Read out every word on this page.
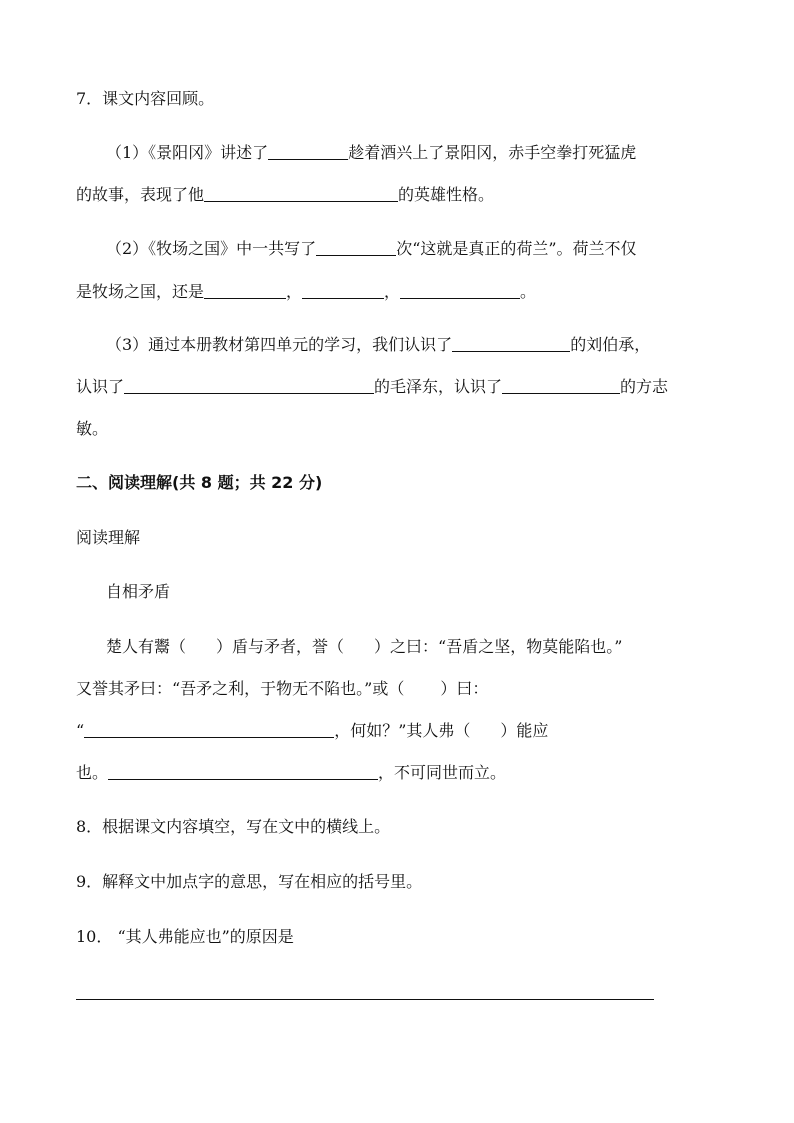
7．课文内容回顾。
（1）《景阳冈》讲述了	趁着酒兴上了景阳冈，赤手空拳打死猛虎
的故事，表现了他	的英雄性格。
（2）《牧场之国》中一共写了	次“这就是真正的荷兰”。荷兰不仅
是牧场之国，还是	，	，	。
（3）通过本册教材第四单元的学习，我们认识了	的刘伯承，
认识了	的毛泽东，认识了	的方志
敏。
二、阅读理解(共 8 题；共 22 分)
阅读理解
自相矛盾
楚人有鬻（ ）盾与矛者，誉（ ）之曰：“吾盾之坚，物莫能陷也。”
又誉其矛曰：“吾矛之利，于物无不陷也。”或（ ）曰：
“	，何如？”其人弗（ ）能应
也。	，不可同世而立。
8．根据课文内容填空，写在文中的横线上。
9．解释文中加点字的意思，写在相应的括号里。
10． “其人弗能应也”的原因是
